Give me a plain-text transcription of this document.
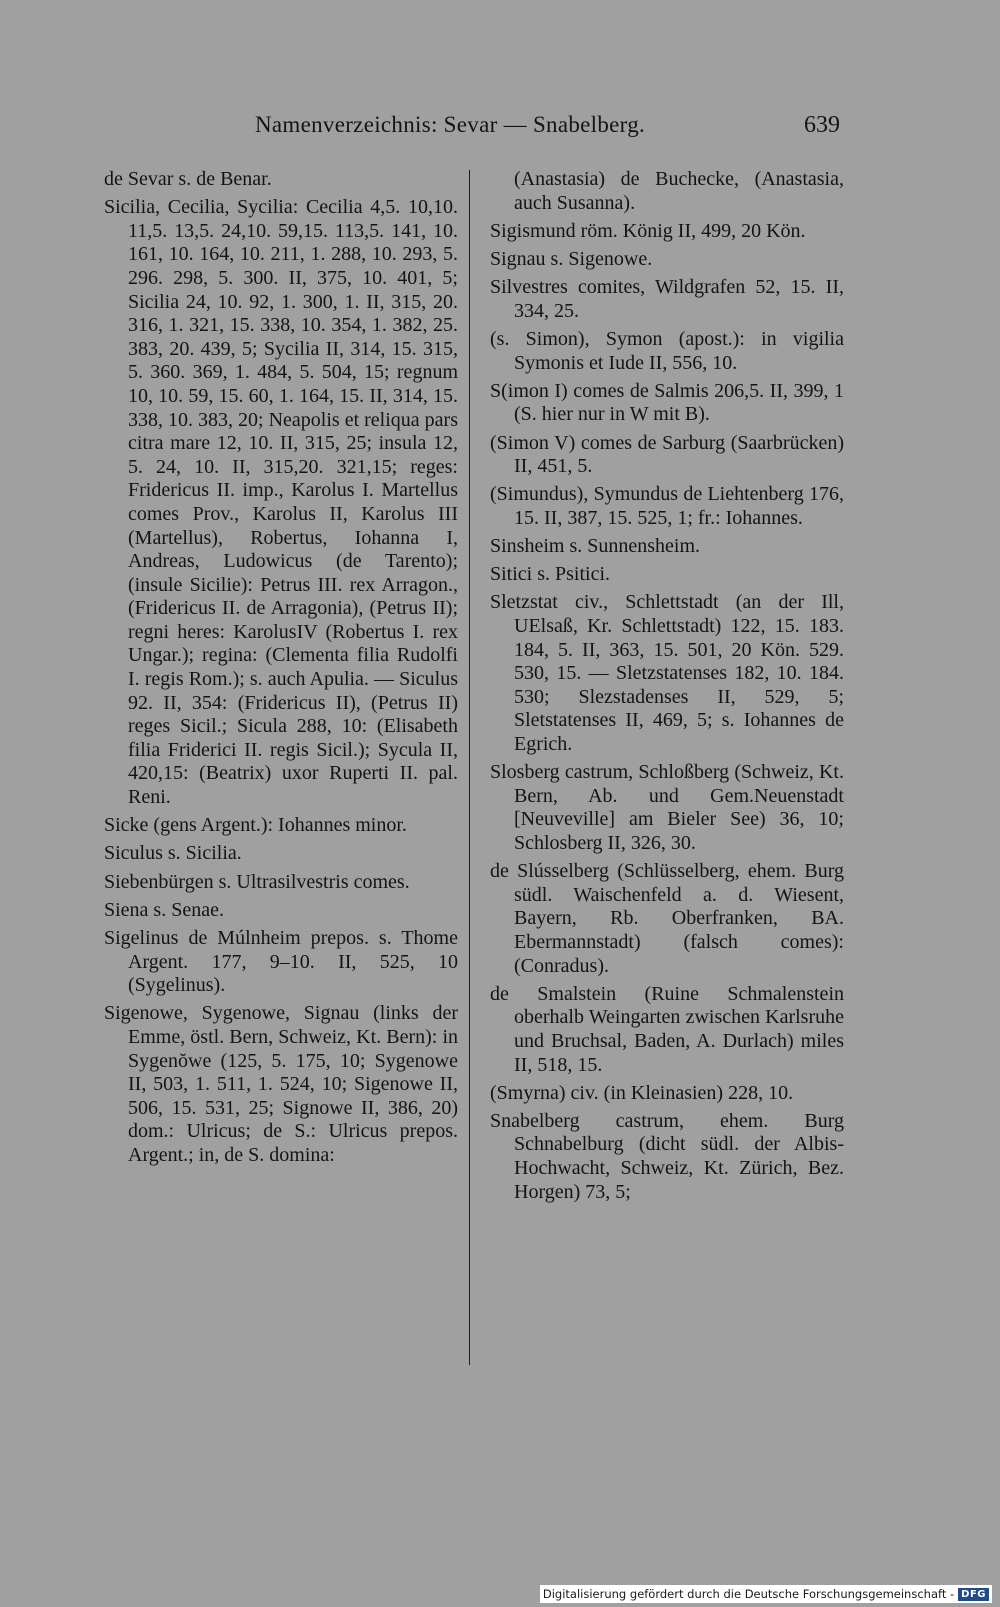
Namenverzeichnis: Sevar — Snabelberg.	639

de Sevar s. de Benar.

Sicilia, Cecilia, Sycilia: Cecilia 4,5. 10,10. 11,5. 13,5. 24,10. 59,15. 113,5. 141, 10. 161, 10. 164, 10. 211, 1. 288, 10. 293, 5. 296. 298, 5. 300. II, 375, 10. 401, 5; Sicilia 24, 10. 92, 1. 300, 1. II, 315, 20. 316, 1. 321, 15. 338, 10. 354, 1. 382, 25. 383, 20. 439, 5; Sycilia II, 314, 15. 315, 5. 360. 369, 1. 484, 5. 504, 15; regnum 10, 10. 59, 15. 60, 1. 164, 15. II, 314, 15. 338, 10. 383, 20; Neapolis et reliqua pars citra mare 12, 10. II, 315, 25; insula 12, 5. 24, 10. II, 315,20. 321,15; reges: Fridericus II. imp., Karolus I. Martellus comes Prov., Karolus II, Karolus III (Martellus), Robertus, Iohanna I, Andreas, Ludowicus (de Tarento); (insule Sicilie): Petrus III. rex Arragon., (Fridericus II. de Arragonia), (Petrus II); regni heres: KarolusIV (Robertus I. rex Ungar.); regina: (Clementa filia Rudolfi I. regis Rom.); s. auch Apulia. — Siculus 92. II, 354: (Fridericus II), (Petrus II) reges Sicil.; Sicula 288, 10: (Elisabeth filia Friderici II. regis Sicil.); Sycula II, 420,15: (Beatrix) uxor Ruperti II. pal. Reni.

Sicke (gens Argent.): Iohannes minor.

Siculus s. Sicilia.

Siebenbürgen s. Ultrasilvestris comes.

Siena s. Senae.

Sigelinus de Múlnheim prepos. s. Thome Argent. 177, 9–10. II, 525, 10 (Sygelinus).

Sigenowe, Sygenowe, Signau (links der Emme, östl. Bern, Schweiz, Kt. Bern): in Sygenŏwe (125, 5. 175, 10; Sygenowe II, 503, 1. 511, 1. 524, 10; Sigenowe II, 506, 15. 531, 25; Signowe II, 386, 20) dom.: Ulricus; de S.: Ulricus prepos. Argent.; in, de S. domina:

(Anastasia) de Buchecke, (Anastasia, auch Susanna).

Sigismund röm. König II, 499, 20 Kön.

Signau s. Sigenowe.

Silvestres comites, Wildgrafen 52, 15. II, 334, 25.

(s. Simon), Symon (apost.): in vigilia Symonis et Iude II, 556, 10.

S(imon I) comes de Salmis 206,5. II, 399, 1 (S. hier nur in W mit B).

(Simon V) comes de Sarburg (Saarbrücken) II, 451, 5.

(Simundus), Symundus de Liehtenberg 176, 15. II, 387, 15. 525, 1; fr.: Iohannes.

Sinsheim s. Sunnensheim.

Sitici s. Psitici.

Sletzstat civ., Schlettstadt (an der Ill, UElsaß, Kr. Schlettstadt) 122, 15. 183. 184, 5. II, 363, 15. 501, 20 Kön. 529. 530, 15. — Sletzstatenses 182, 10. 184. 530; Slezstadenses II, 529, 5; Sletstatenses II, 469, 5; s. Iohannes de Egrich.

Slosberg castrum, Schloßberg (Schweiz, Kt. Bern, Ab. und Gem.Neuenstadt [Neuveville] am Bieler See) 36, 10; Schlosberg II, 326, 30.

de Slússelberg (Schlüsselberg, ehem. Burg südl. Waischenfeld a. d. Wiesent, Bayern, Rb. Oberfranken, BA. Ebermannstadt) (falsch comes): (Conradus).

de Smalstein (Ruine Schmalenstein oberhalb Weingarten zwischen Karlsruhe und Bruchsal, Baden, A. Durlach) miles II, 518, 15.

(Smyrna) civ. (in Kleinasien) 228, 10.

Snabelberg castrum, ehem. Burg Schnabelburg (dicht südl. der Albis-Hochwacht, Schweiz, Kt. Zürich, Bez. Horgen) 73, 5;

Digitalisierung gefördert durch die Deutsche Forschungsgemeinschaft - DFG
